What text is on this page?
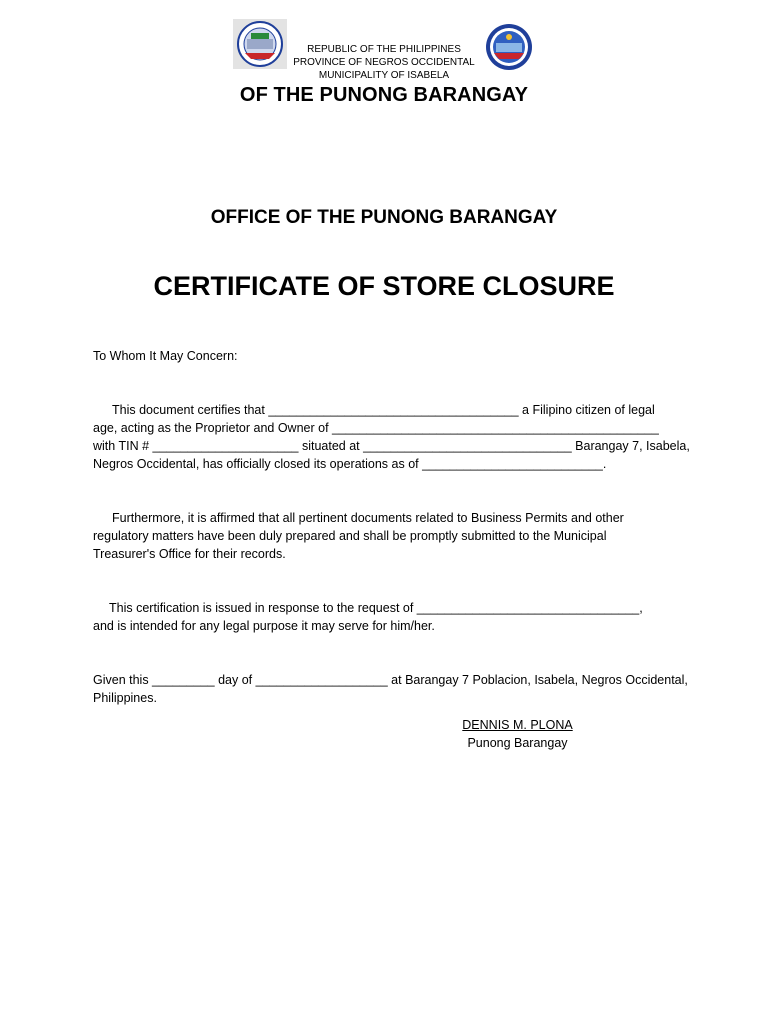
REPUBLIC OF THE PHILIPPINES
PROVINCE OF NEGROS OCCIDENTAL
MUNICIPALITY OF ISABELA
OF THE PUNONG BARANGAY
OFFICE OF THE PUNONG BARANGAY
CERTIFICATE OF STORE CLOSURE
To Whom It May Concern:
This document certifies that ____________________________________ a Filipino citizen of legal
age, acting as the Proprietor and Owner of _______________________________________________
with TIN # _____________________ situated at ______________________________ Barangay 7, Isabela,
Negros Occidental, has officially closed its operations as of __________________________.
Furthermore, it is affirmed that all pertinent documents related to Business Permits and other
regulatory matters have been duly prepared and shall be promptly submitted to the Municipal
Treasurer's Office for their records.
This certification is issued in response to the request of ________________________________,
and is intended for any legal purpose it may serve for him/her.
Given this _________ day of ___________________ at Barangay 7 Poblacion, Isabela, Negros Occidental,
Philippines.
DENNIS M. PLONA
Punong Barangay
